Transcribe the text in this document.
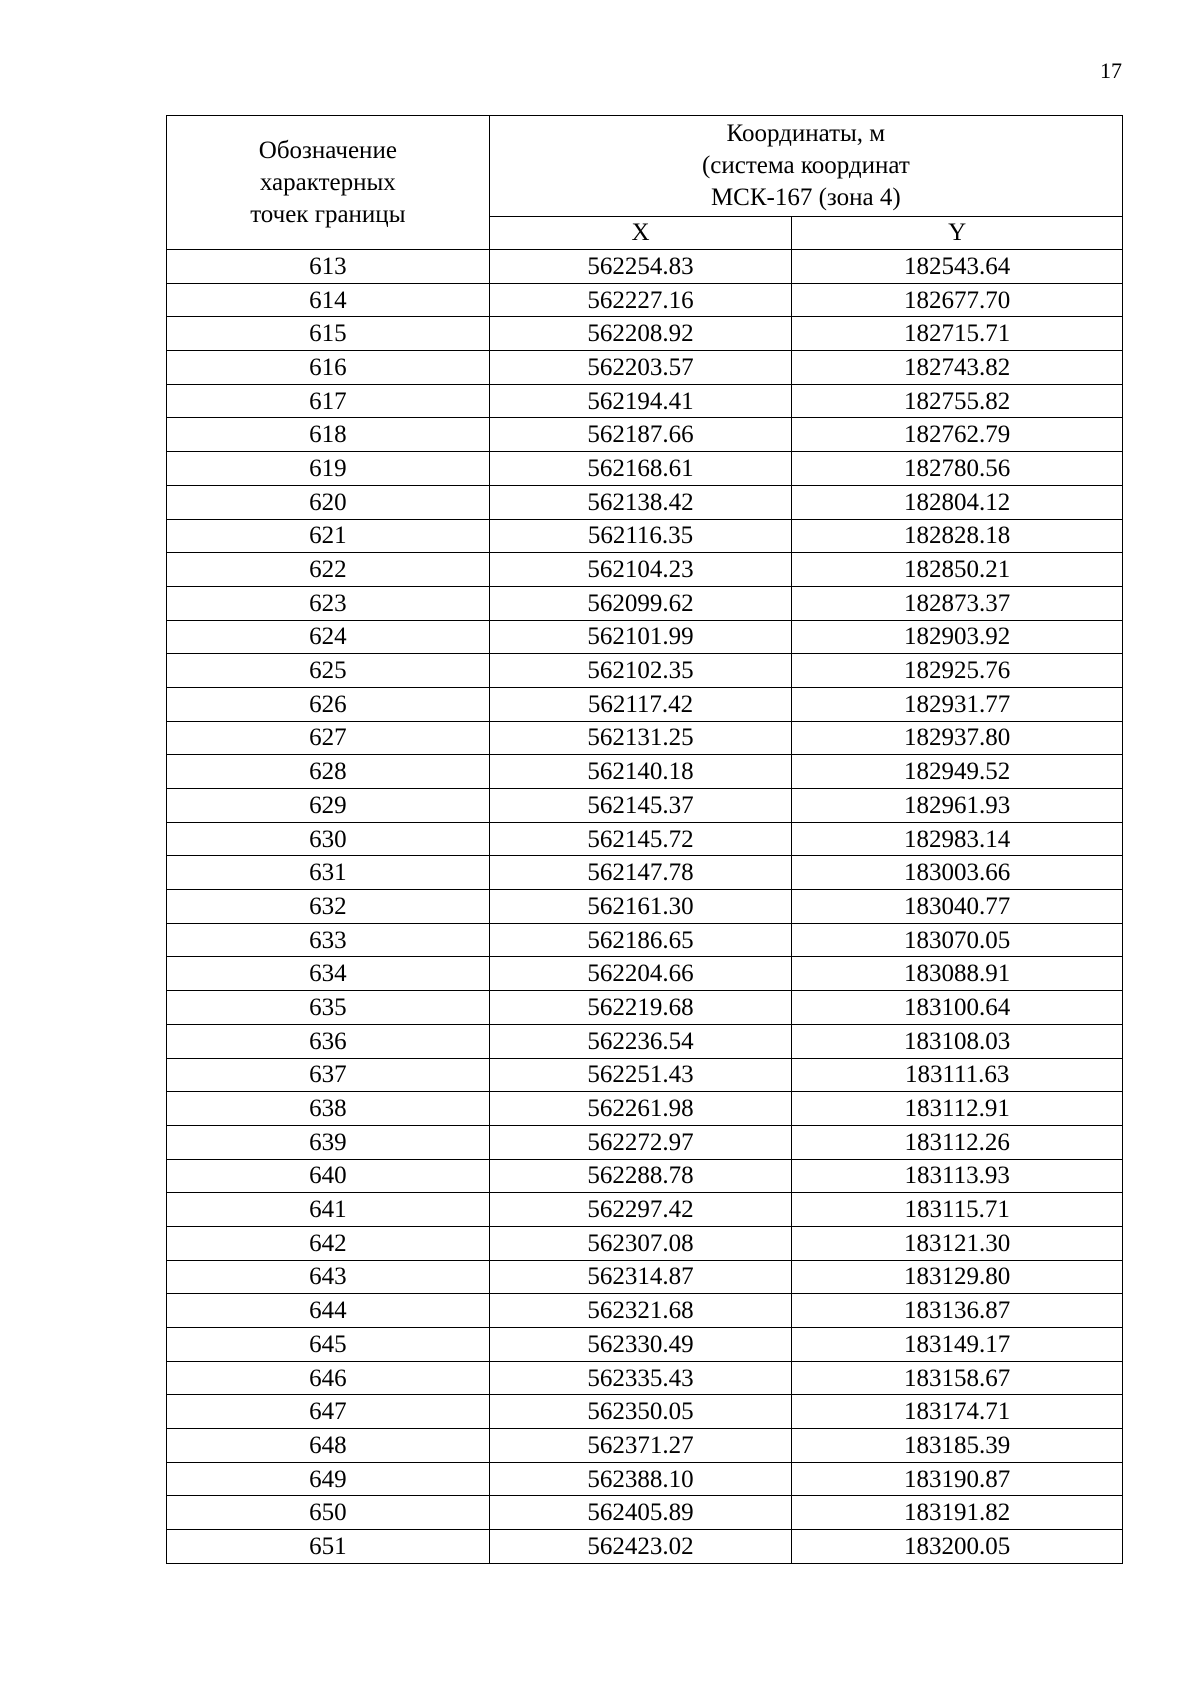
17
Обозначение
характерных
точек границы	Координаты, м
(система координат
МСК-167 (зона 4)	

	X	Y
613	562254.83	182543.64
614	562227.16	182677.70
615	562208.92	182715.71
616	562203.57	182743.82
617	562194.41	182755.82
618	562187.66	182762.79
619	562168.61	182780.56
620	562138.42	182804.12
621	562116.35	182828.18
622	562104.23	182850.21
623	562099.62	182873.37
624	562101.99	182903.92
625	562102.35	182925.76
626	562117.42	182931.77
627	562131.25	182937.80
628	562140.18	182949.52
629	562145.37	182961.93
630	562145.72	182983.14
631	562147.78	183003.66
632	562161.30	183040.77
633	562186.65	183070.05
634	562204.66	183088.91
635	562219.68	183100.64
636	562236.54	183108.03
637	562251.43	183111.63
638	562261.98	183112.91
639	562272.97	183112.26
640	562288.78	183113.93
641	562297.42	183115.71
642	562307.08	183121.30
643	562314.87	183129.80
644	562321.68	183136.87
645	562330.49	183149.17
646	562335.43	183158.67
647	562350.05	183174.71
648	562371.27	183185.39
649	562388.10	183190.87
650	562405.89	183191.82
651	562423.02	183200.05
